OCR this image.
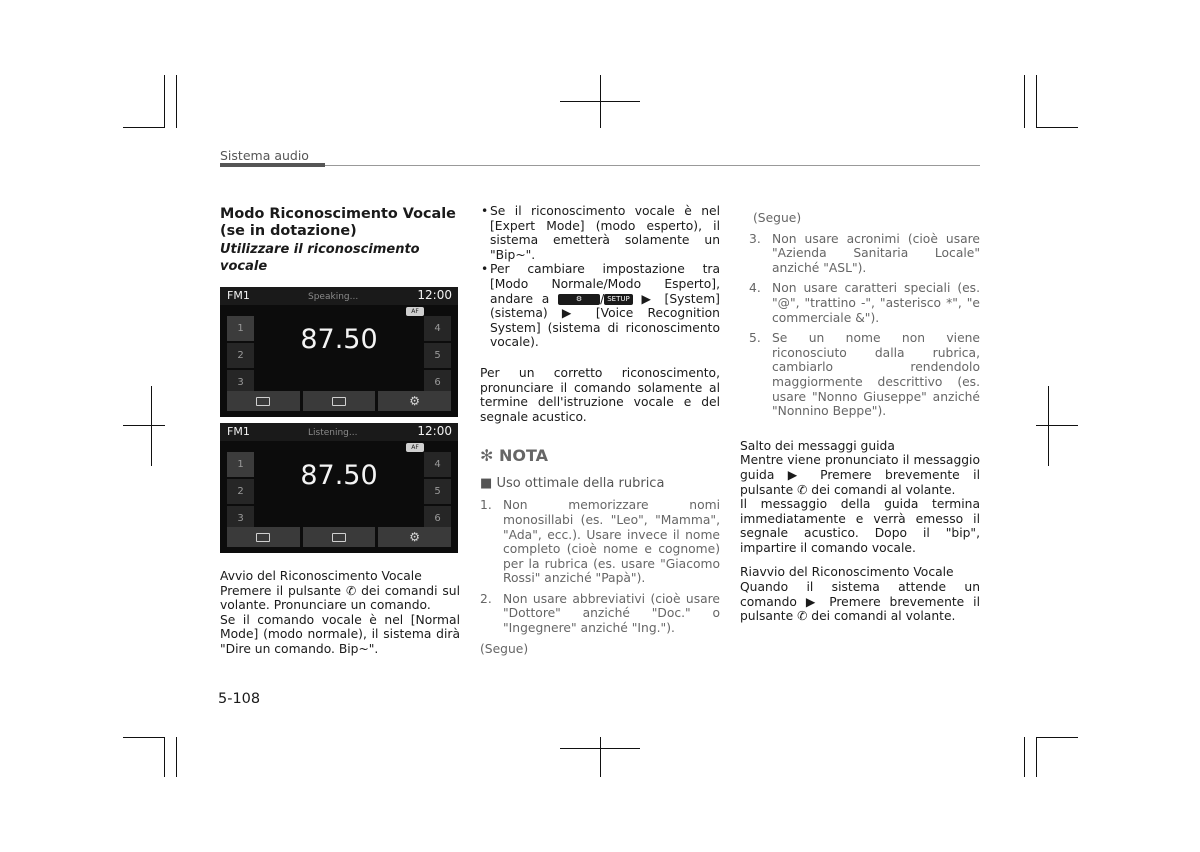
Sistema audio
Modo Riconoscimento Vocale (se in dotazione)
Utilizzare il riconoscimento vocale
FM1	Speaking...	12:00
AF
1
2
3
4
5
6
87.50
⚙
FM1	Listening...	12:00
AF
1
2
3
4
5
6
87.50
⚙
Avvio del Riconoscimento Vocale
Premere il pulsante ✆ dei comandi sul volante. Pronunciare un comando.
Se il comando vocale è nel [Normal Mode] (modo normale), il sistema dirà "Dire un comando. Bip~".
• Se il riconoscimento vocale è nel [Expert Mode] (modo esperto), il sistema emetterà solamente un "Bip~".
• Per cambiare impostazione tra [Modo Normale/Modo Esperto], andare a	⚙ / SETUP ▶ [System] (sistema) ▶ [Voice Recognition System] (sistema di riconoscimento vocale).
Per un corretto riconoscimento, pronunciare il comando solamente al termine dell'istruzione vocale e del segnale acustico.
✻ NOTA
■ Uso ottimale della rubrica
1. Non memorizzare nomi monosillabi (es. "Leo", "Mamma", "Ada", ecc.). Usare invece il nome completo (cioè nome e cognome) per la rubrica (es. usare "Giacomo Rossi" anziché "Papà").
2. Non usare abbreviativi (cioè usare "Dottore" anziché "Doc." o "Ingegnere" anziché "Ing.").
(Segue)
(Segue)
3. Non usare acronimi (cioè usare "Azienda Sanitaria Locale" anziché "ASL").
4. Non usare caratteri speciali (es. "@", "trattino -", "asterisco *", "e commerciale &").
5. Se un nome non viene riconosciuto dalla rubrica, cambiarlo rendendolo maggiormente descrittivo (es. usare "Nonno Giuseppe" anziché "Nonnino Beppe").
Salto dei messaggi guida
Mentre viene pronunciato il messaggio guida ▶ Premere brevemente il pulsante ✆ dei comandi al volante.
Il messaggio della guida termina immediatamente e verrà emesso il segnale acustico. Dopo il "bip", impartire il comando vocale.
Riavvio del Riconoscimento Vocale
Quando il sistema attende un comando ▶ Premere brevemente il pulsante ✆ dei comandi al volante.
5-108
